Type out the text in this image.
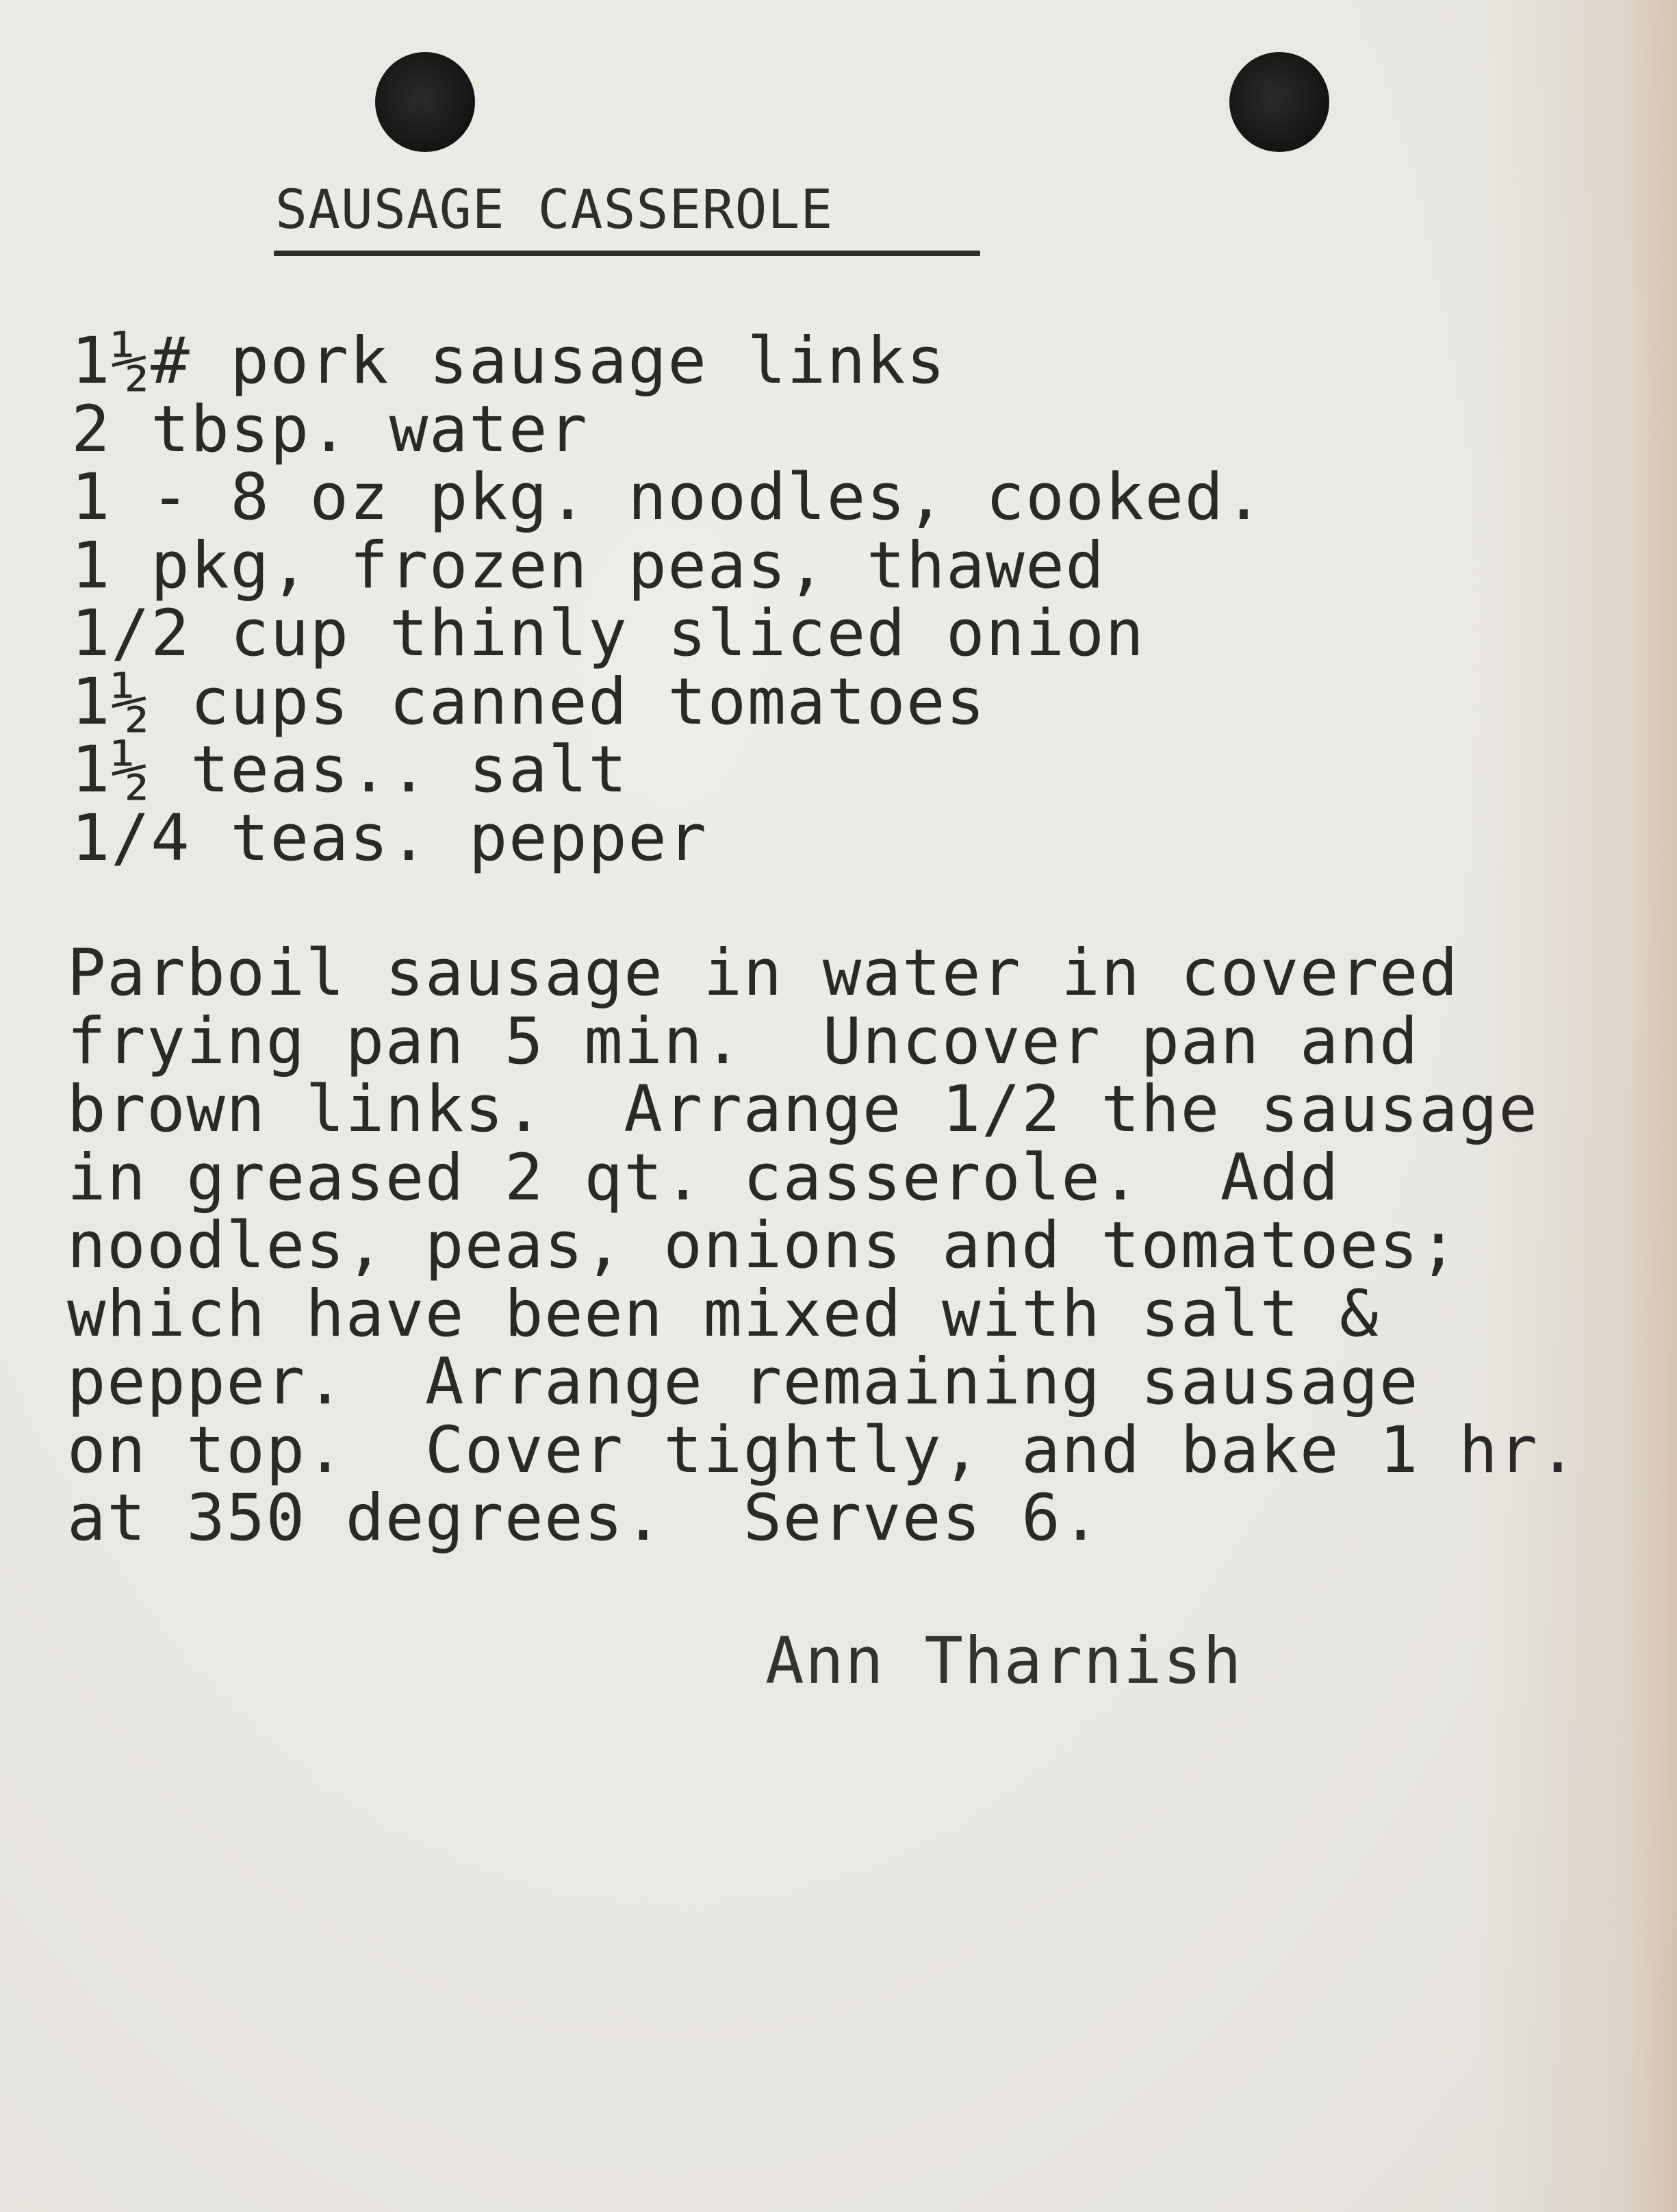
SAUSAGE CASSEROLE
1½# pork sausage links
2 tbsp. water
1 - 8 oz pkg. noodles, cooked.
1 pkg, frozen peas, thawed
1/2 cup thinly sliced onion
1½ cups canned tomatoes
1½ teas.. salt
1/4 teas. pepper
Parboil sausage in water in covered
frying pan 5 min.  Uncover pan and
brown links.  Arrange 1/2 the sausage
in greased 2 qt. casserole.  Add
noodles, peas, onions and tomatoes;
which have been mixed with salt &
pepper.  Arrange remaining sausage
on top.  Cover tightly, and bake 1 hr.
at 350 degrees.  Serves 6.
Ann Tharnish
